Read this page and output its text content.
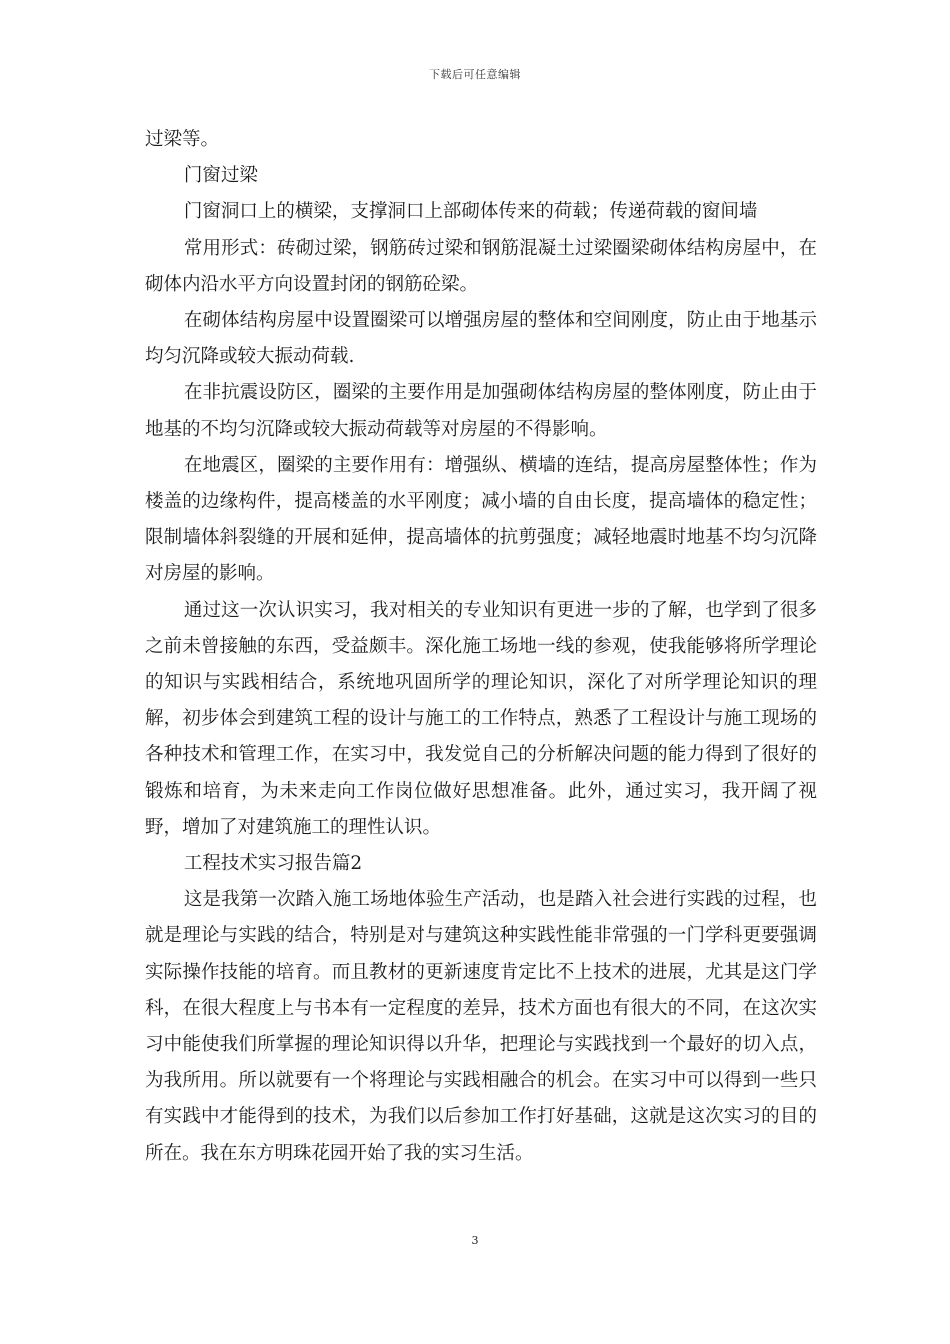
下载后可任意编辑

过梁等。

门窗过梁

门窗洞口上的横梁，支撑洞口上部砌体传来的荷载；传递荷载的窗间墙

常用形式：砖砌过梁，钢筋砖过梁和钢筋混凝土过梁圈梁砌体结构房屋中，在砌体内沿水平方向设置封闭的钢筋砼梁。

在砌体结构房屋中设置圈梁可以增强房屋的整体和空间刚度，防止由于地基示均匀沉降或较大振动荷载.

在非抗震设防区，圈梁的主要作用是加强砌体结构房屋的整体刚度，防止由于地基的不均匀沉降或较大振动荷载等对房屋的不得影响。

在地震区，圈梁的主要作用有：增强纵、横墙的连结，提高房屋整体性；作为楼盖的边缘构件，提高楼盖的水平刚度；减小墙的自由长度，提高墙体的稳定性；限制墙体斜裂缝的开展和延伸，提高墙体的抗剪强度；减轻地震时地基不均匀沉降对房屋的影响。

通过这一次认识实习，我对相关的专业知识有更进一步的了解，也学到了很多之前未曾接触的东西，受益颇丰。深化施工场地一线的参观，使我能够将所学理论的知识与实践相结合，系统地巩固所学的理论知识，深化了对所学理论知识的理解，初步体会到建筑工程的设计与施工的工作特点，熟悉了工程设计与施工现场的各种技术和管理工作，在实习中，我发觉自己的分析解决问题的能力得到了很好的锻炼和培育，为未来走向工作岗位做好思想准备。此外，通过实习，我开阔了视野，增加了对建筑施工的理性认识。

工程技术实习报告篇2

这是我第一次踏入施工场地体验生产活动，也是踏入社会进行实践的过程，也就是理论与实践的结合，特别是对与建筑这种实践性能非常强的一门学科更要强调实际操作技能的培育。而且教材的更新速度肯定比不上技术的进展，尤其是这门学科，在很大程度上与书本有一定程度的差异，技术方面也有很大的不同，在这次实习中能使我们所掌握的理论知识得以升华，把理论与实践找到一个最好的切入点，为我所用。所以就要有一个将理论与实践相融合的机会。在实习中可以得到一些只有实践中才能得到的技术，为我们以后参加工作打好基础，这就是这次实习的目的所在。我在东方明珠花园开始了我的实习生活。

3
